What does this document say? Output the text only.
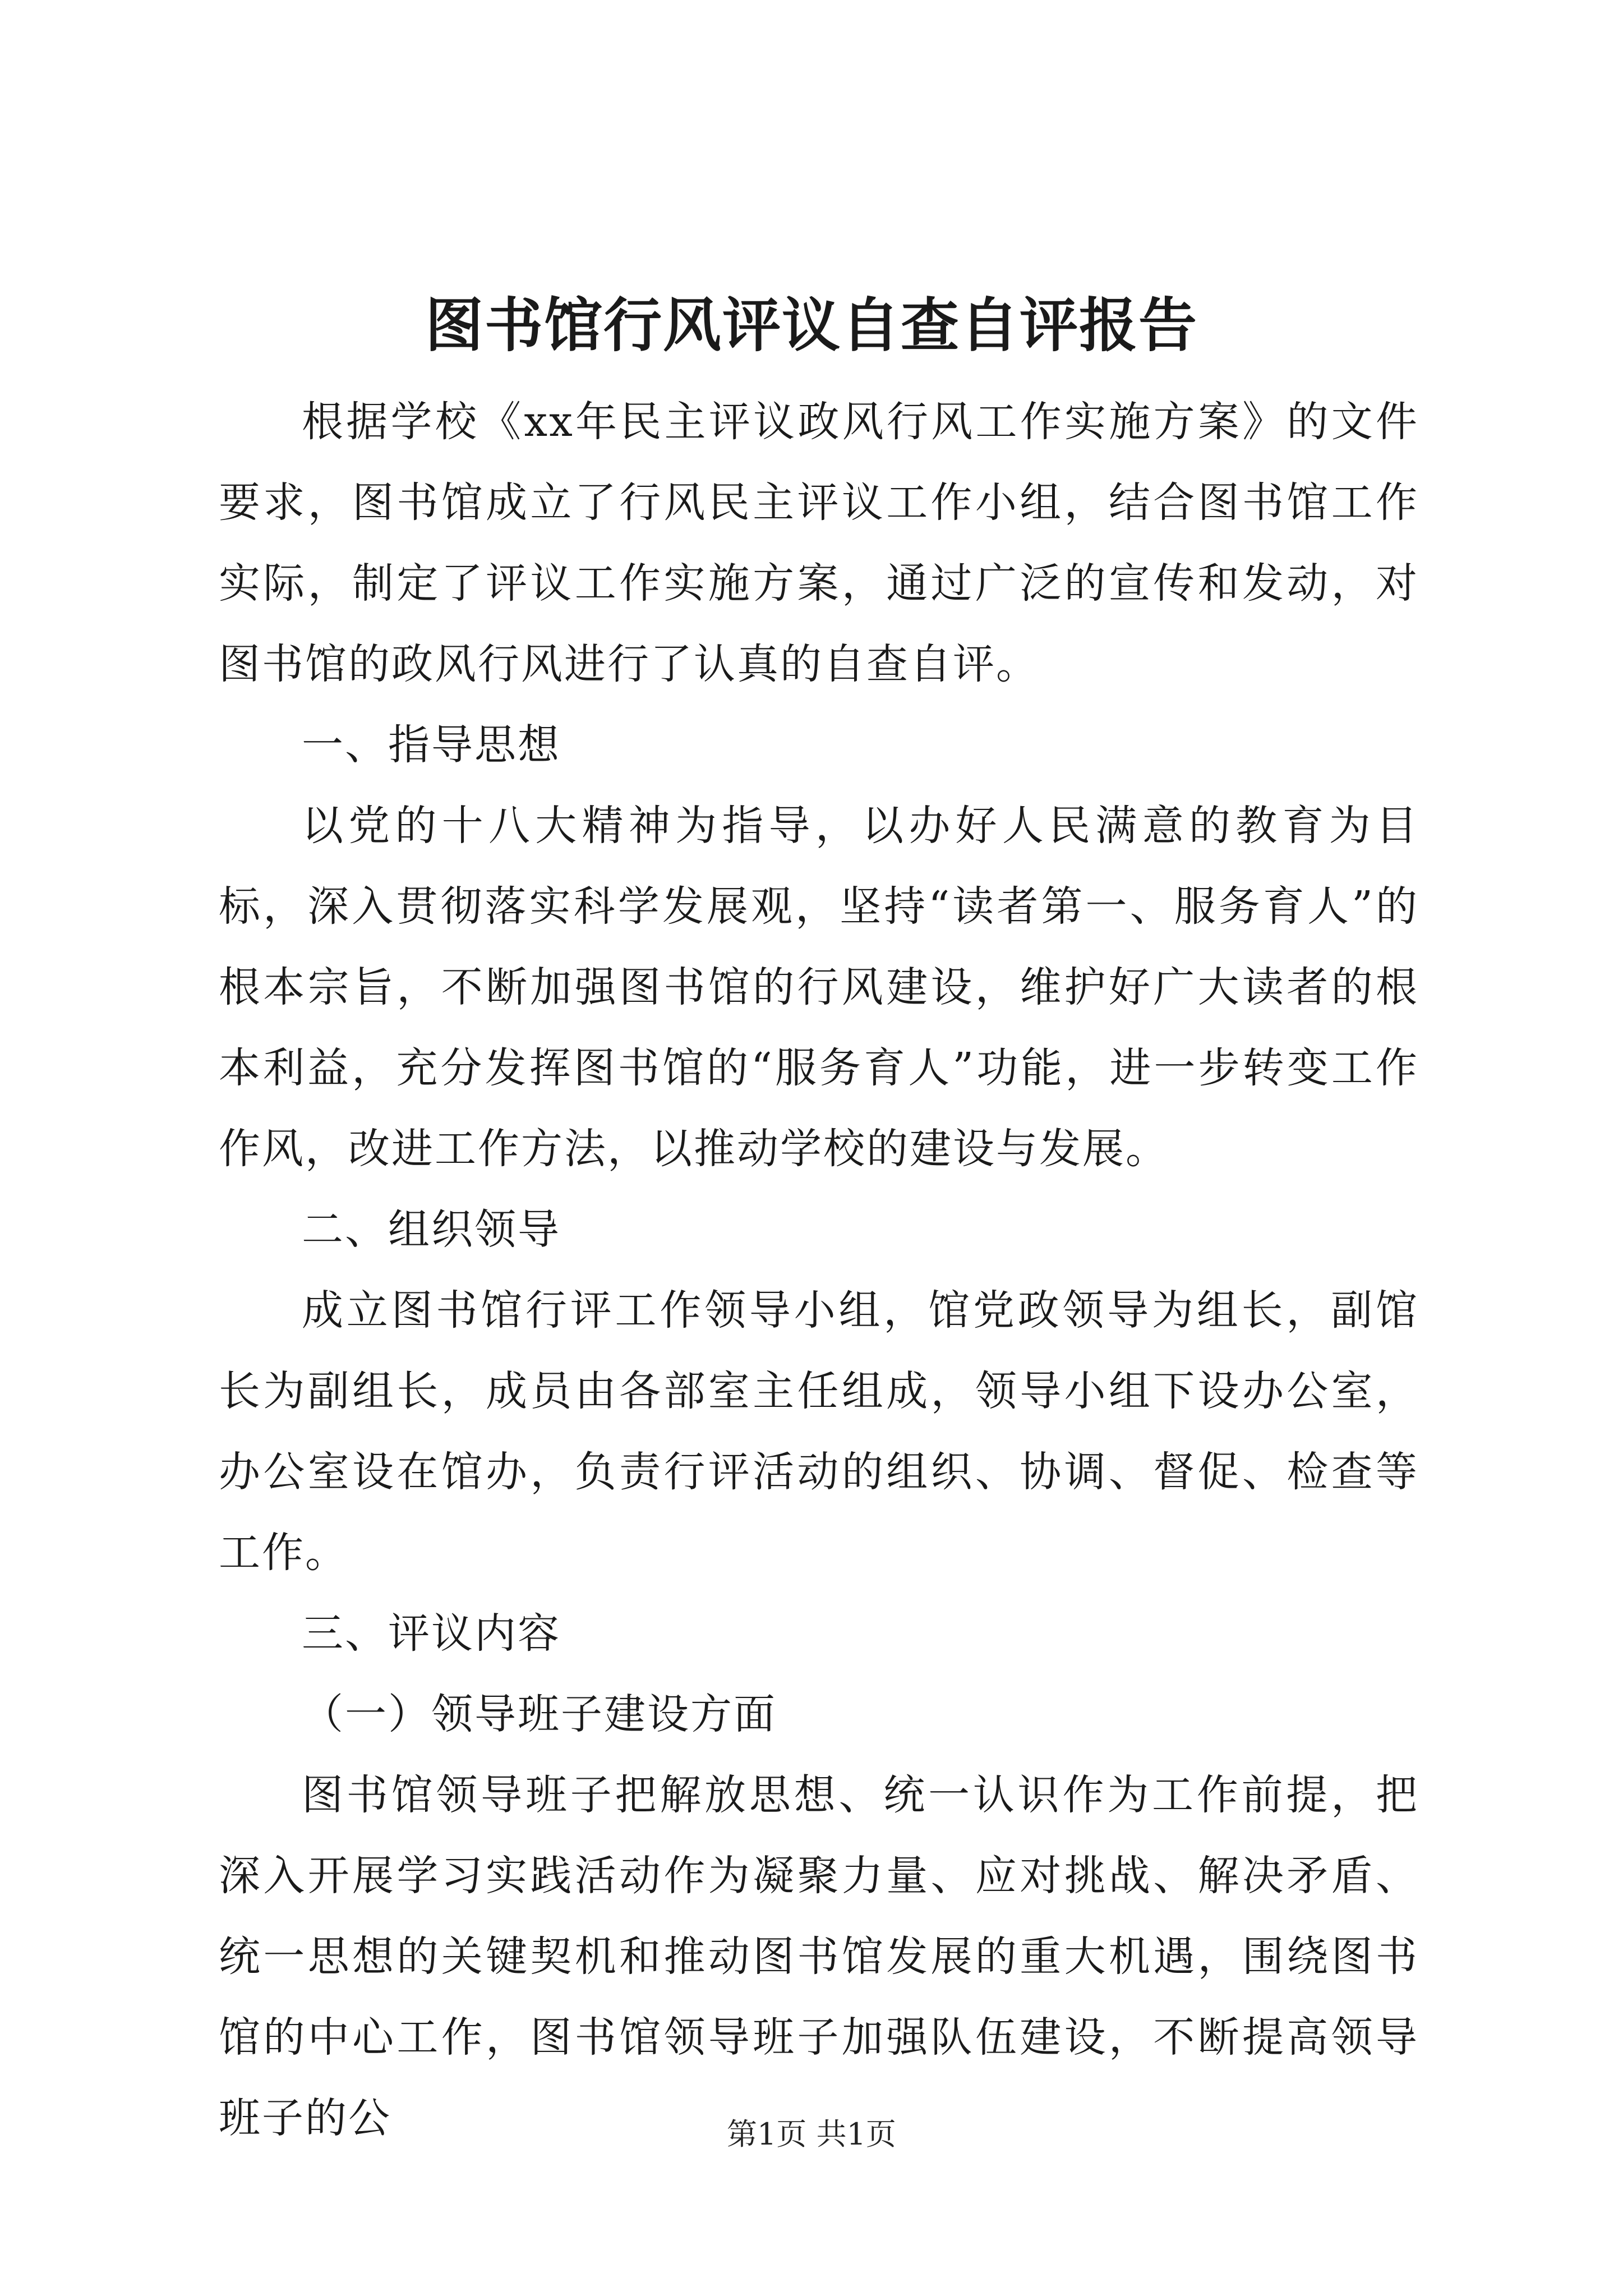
图书馆行风评议自查自评报告

根据学校《xx年民主评议政风行风工作实施方案》的文件要求，图书馆成立了行风民主评议工作小组，结合图书馆工作实际，制定了评议工作实施方案，通过广泛的宣传和发动，对图书馆的政风行风进行了认真的自查自评。

一、指导思想

以党的十八大精神为指导，以办好人民满意的教育为目标，深入贯彻落实科学发展观，坚持“读者第一、服务育人”的根本宗旨，不断加强图书馆的行风建设，维护好广大读者的根本利益，充分发挥图书馆的“服务育人”功能，进一步转变工作作风，改进工作方法，以推动学校的建设与发展。

二、组织领导

成立图书馆行评工作领导小组，馆党政领导为组长，副馆长为副组长，成员由各部室主任组成，领导小组下设办公室，办公室设在馆办，负责行评活动的组织、协调、督促、检查等工作。

三、评议内容

（一）领导班子建设方面

图书馆领导班子把解放思想、统一认识作为工作前提，把深入开展学习实践活动作为凝聚力量、应对挑战、解决矛盾、统一思想的关键契机和推动图书馆发展的重大机遇，围绕图书馆的中心工作，图书馆领导班子加强队伍建设，不断提高领导班子的公	第1页 共1页
